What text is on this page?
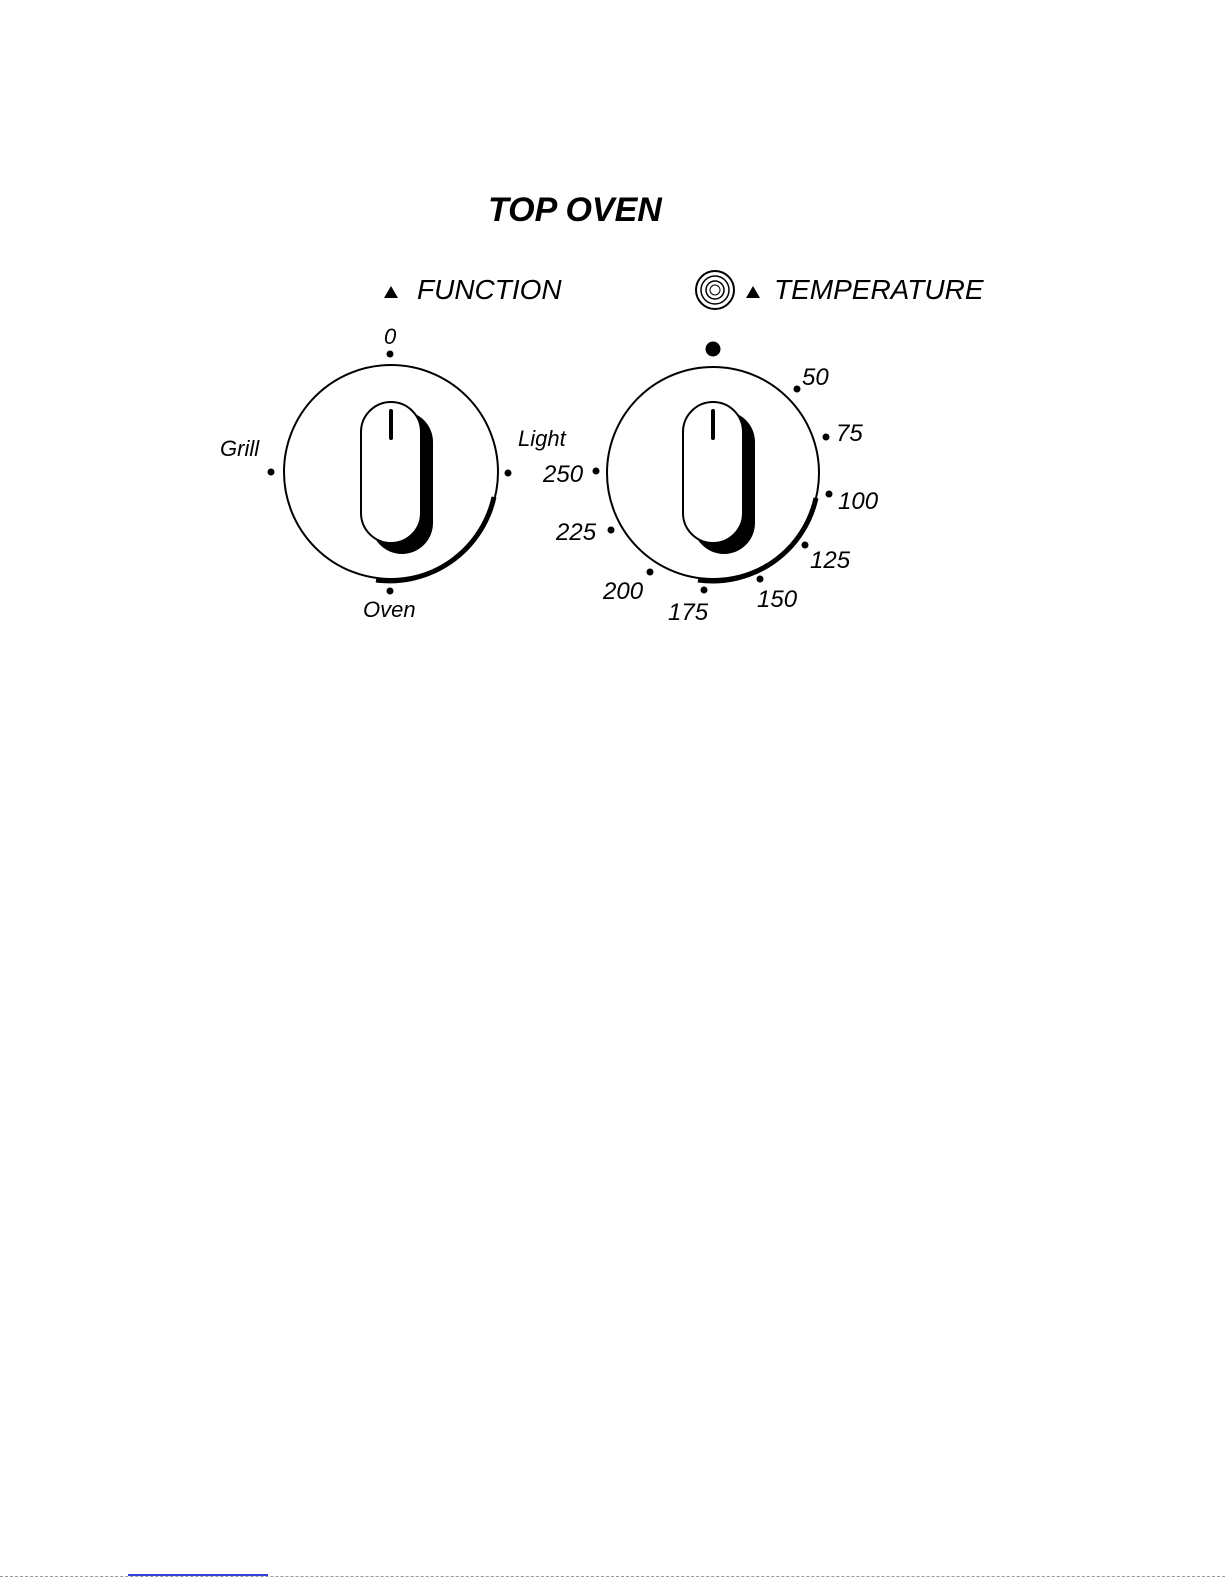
TOP OVEN
FUNCTION	TEMPERATURE
0
Grill	Light
Oven
50
75
100
125
150
175
200
225
250
